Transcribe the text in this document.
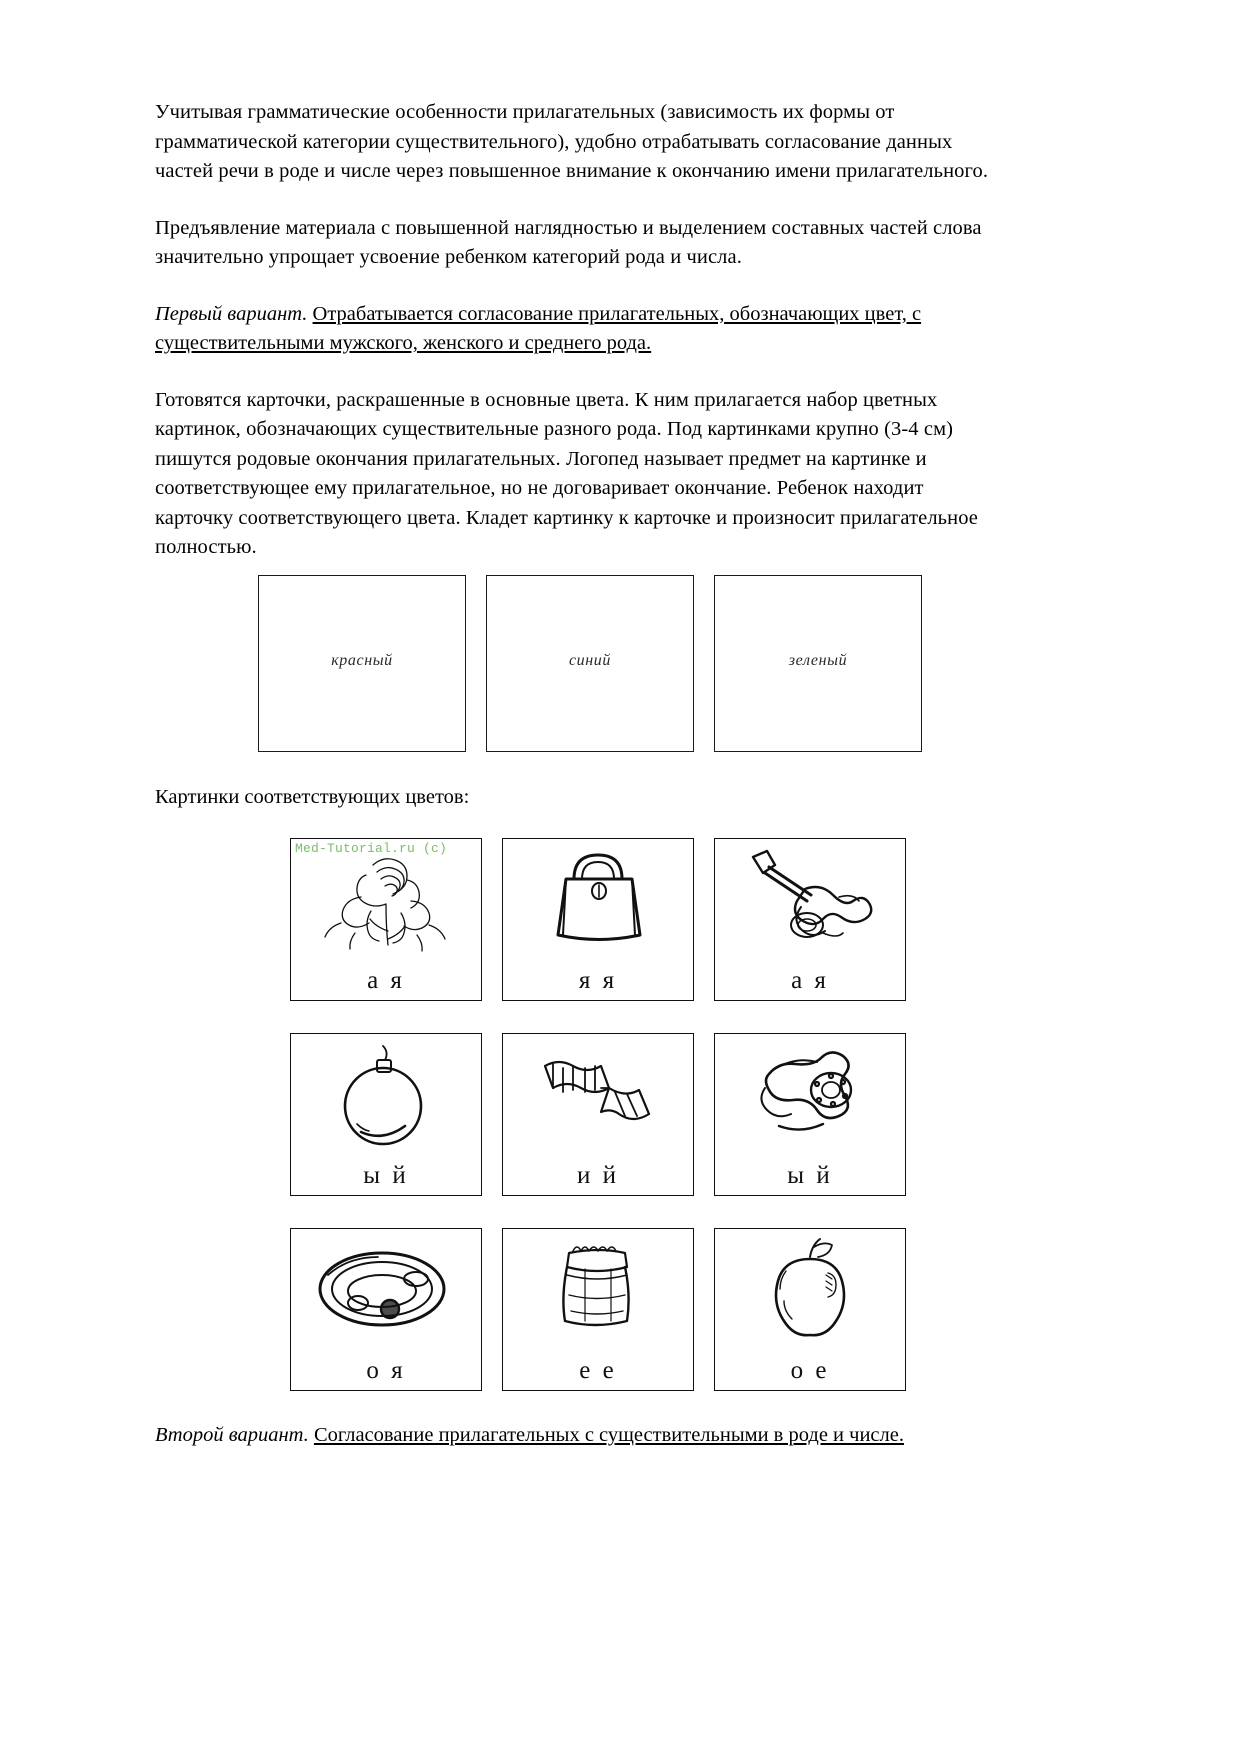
Учитывая грамматические особенности прилагательных (зависимость их формы от грамматической категории существительного), удобно отрабатывать согласование данных частей речи в роде и числе через повышенное внимание к окончанию имени прилагательного.

Предъявление материала с повышенной наглядностью и выделением составных частей слова значительно упрощает усвоение ребенком категорий рода и числа.

Первый вариант. Отрабатывается согласование прилагательных, обозначающих цвет, с существительными мужского, женского и среднего рода.

Готовятся карточки, раскрашенные в основные цвета. К ним прилагается набор цветных картинок, обозначающих существительные разного рода. Под картинками крупно (3-4 см) пишутся родовые окончания прилагательных. Логопед называет предмет на картинке и соответствующее ему прилагательное, но не договаривает окончание. Ребенок находит карточку соответствующего цвета. Кладет картинку к карточке и произносит прилагательное полностью.

красный	синий	зеленый
Картинки соответствующих цветов:
Med-Tutorial.ru (c)
а я	я я	а я
ы й	и й	ы й
о я	е е	о е
Второй вариант. Согласование прилагательных с существительными в роде и числе.
